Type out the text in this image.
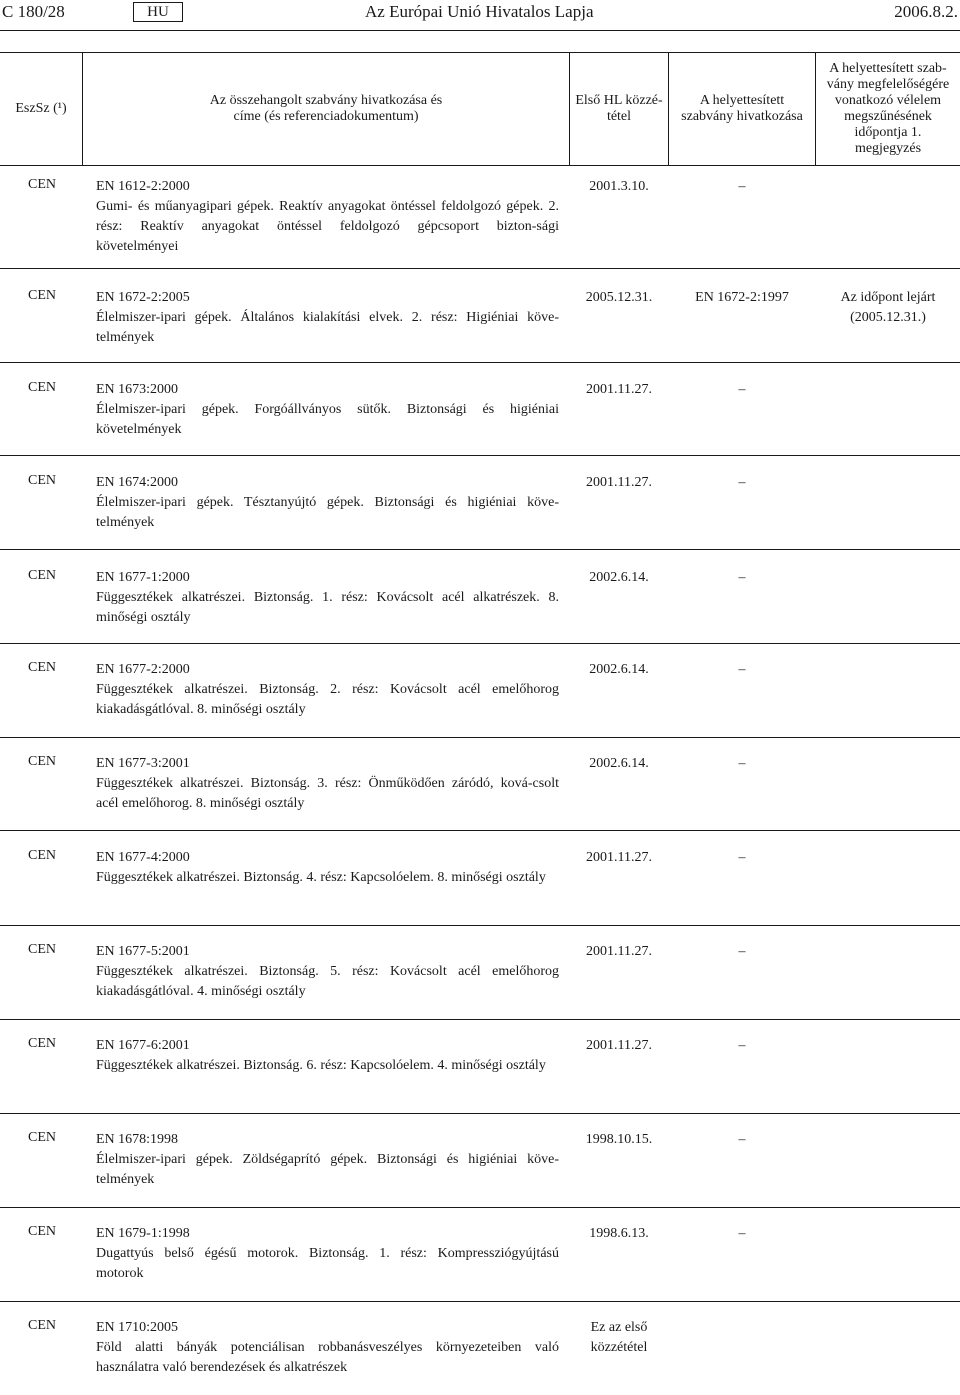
C 180/28	HU	Az Európai Unió Hivatalos Lapja	2006.8.2.
EszSz (¹)
Az összehangolt szabvány hivatkozása és címe (és referenciadokumentum)
Első HL közzé-tétel
A helyettesített szabvány hivatkozása
A helyettesített szab-vány megfelelőségére vonatkozó vélelem megszűnésének időpontja 1. megjegyzés
CEN	EN 1612-2:2000
Gumi- és műanyagipari gépek. Reaktív anyagokat öntéssel feldolgozó gépek. 2. rész: Reaktív anyagokat öntéssel feldolgozó gépcsoport bizton-sági követelményei
2001.3.10.	–
CEN	EN 1672-2:2005
Élelmiszer-ipari gépek. Általános kialakítási elvek. 2. rész: Higiéniai köve-telmények
2005.12.31.	EN 1672-2:1997	Az időpont lejárt (2005.12.31.)
CEN	EN 1673:2000
Élelmiszer-ipari gépek. Forgóállványos sütők. Biztonsági és higiéniai követelmények
2001.11.27.	–
CEN	EN 1674:2000
Élelmiszer-ipari gépek. Tésztanyújtó gépek. Biztonsági és higiéniai köve-telmények
2001.11.27.	–
CEN	EN 1677-1:2000
Függesztékek alkatrészei. Biztonság. 1. rész: Kovácsolt acél alkatrészek. 8. minőségi osztály
2002.6.14.	–
CEN	EN 1677-2:2000
Függesztékek alkatrészei. Biztonság. 2. rész: Kovácsolt acél emelőhorog kiakadásgátlóval. 8. minőségi osztály
2002.6.14.	–
CEN	EN 1677-3:2001
Függesztékek alkatrészei. Biztonság. 3. rész: Önműködően záródó, ková-csolt acél emelőhorog. 8. minőségi osztály
2002.6.14.	–
CEN	EN 1677-4:2000
Függesztékek alkatrészei. Biztonság. 4. rész: Kapcsolóelem. 8. minőségi osztály
2001.11.27.	–
CEN	EN 1677-5:2001
Függesztékek alkatrészei. Biztonság. 5. rész: Kovácsolt acél emelőhorog kiakadásgátlóval. 4. minőségi osztály
2001.11.27.	–
CEN	EN 1677-6:2001
Függesztékek alkatrészei. Biztonság. 6. rész: Kapcsolóelem. 4. minőségi osztály
2001.11.27.	–
CEN	EN 1678:1998
Élelmiszer-ipari gépek. Zöldségaprító gépek. Biztonsági és higiéniai köve-telmények
1998.10.15.	–
CEN	EN 1679-1:1998
Dugattyús belső égésű motorok. Biztonság. 1. rész: Kompressziógyújtású motorok
1998.6.13.	–
CEN	EN 1710:2005
Föld alatti bányák potenciálisan robbanásveszélyes környezeteiben való használatra való berendezések és alkatrészek
Ez az első közzététel
